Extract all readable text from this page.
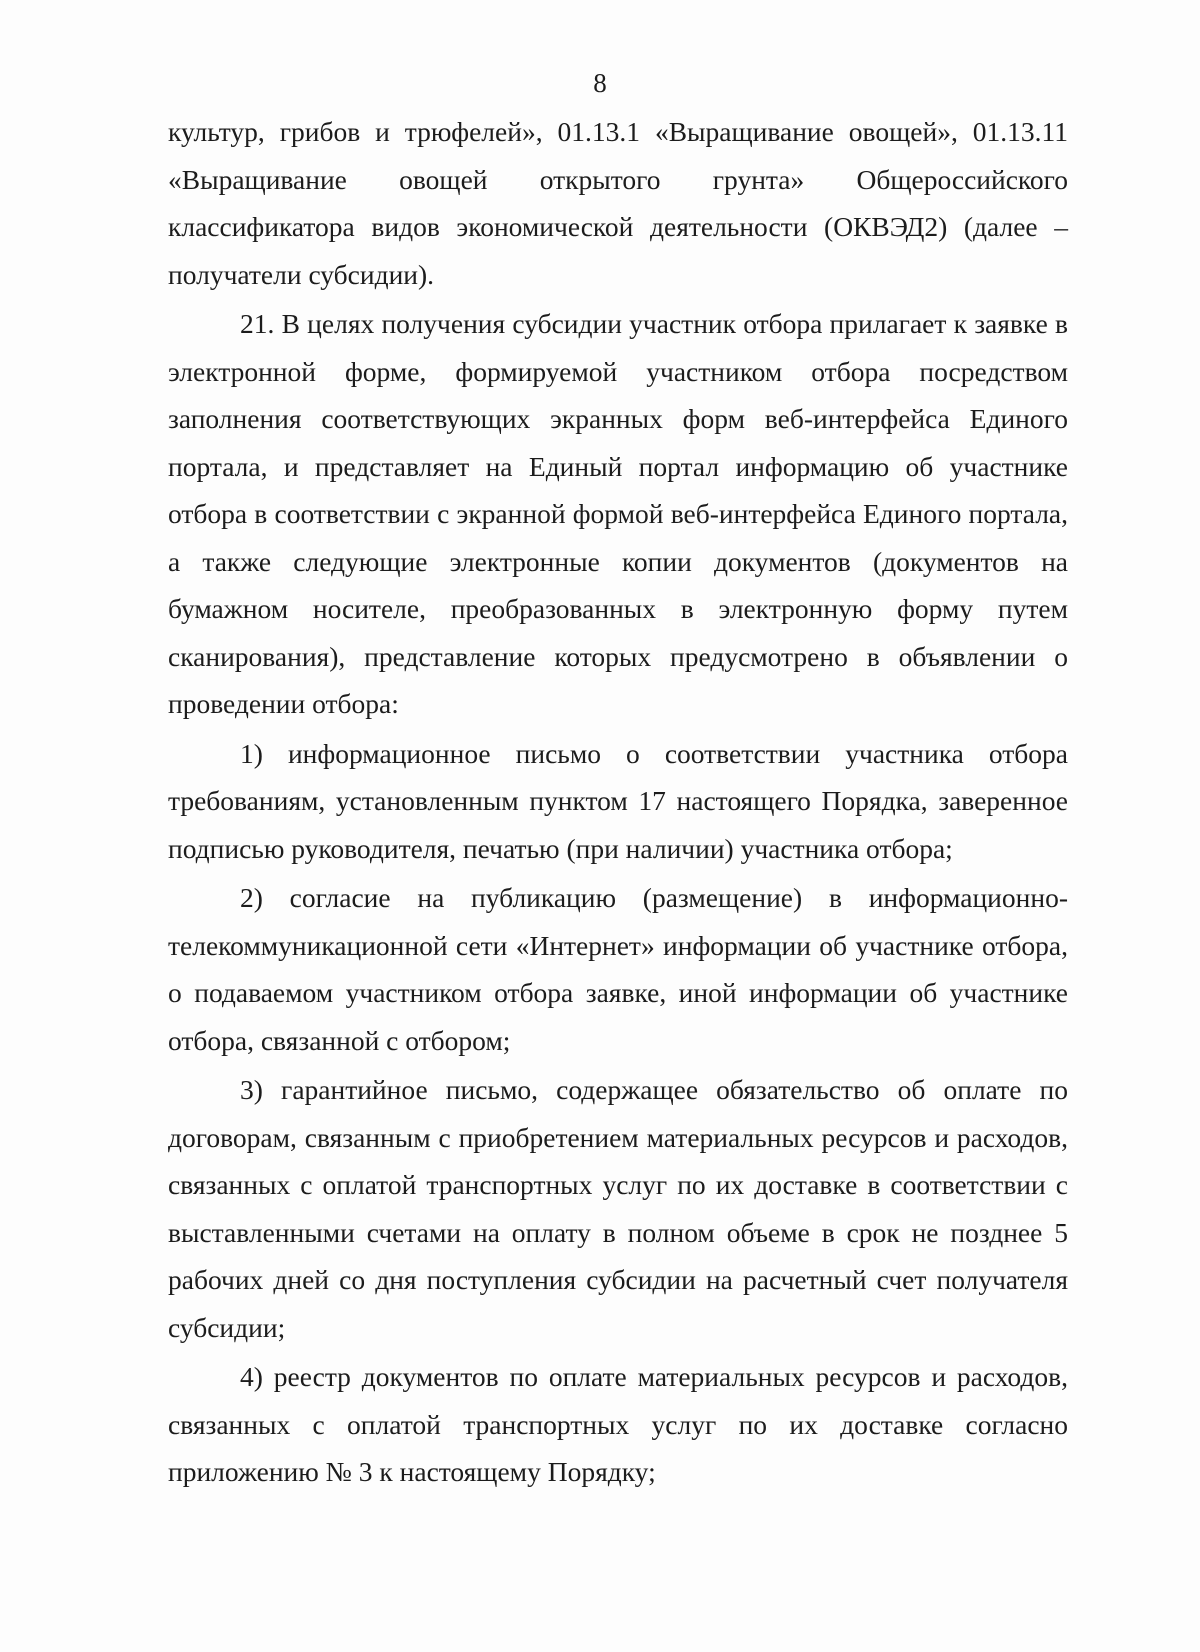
8

культур, грибов и трюфелей», 01.13.1 «Выращивание овощей», 01.13.11 «Выращивание овощей открытого грунта» Общероссийского классификатора видов экономической деятельности (ОКВЭД2) (далее – получатели субсидии).

21. В целях получения субсидии участник отбора прилагает к заявке в электронной форме, формируемой участником отбора посредством заполнения соответствующих экранных форм веб-интерфейса Единого портала, и представляет на Единый портал информацию об участнике отбора в соответствии с экранной формой веб-интерфейса Единого портала, а также следующие электронные копии документов (документов на бумажном носителе, преобразованных в электронную форму путем сканирования), представление которых предусмотрено в объявлении о проведении отбора:

1) информационное письмо о соответствии участника отбора требованиям, установленным пунктом 17 настоящего Порядка, заверенное подписью руководителя, печатью (при наличии) участника отбора;

2) согласие на публикацию (размещение) в информационно-телекоммуникационной сети «Интернет» информации об участнике отбора, о подаваемом участником отбора заявке, иной информации об участнике отбора, связанной с отбором;

3) гарантийное письмо, содержащее обязательство об оплате по договорам, связанным с приобретением материальных ресурсов и расходов, связанных с оплатой транспортных услуг по их доставке в соответствии с выставленными счетами на оплату в полном объеме в срок не позднее 5 рабочих дней со дня поступления субсидии на расчетный счет получателя субсидии;

4) реестр документов по оплате материальных ресурсов и расходов, связанных с оплатой транспортных услуг по их доставке согласно приложению № 3 к настоящему Порядку;
